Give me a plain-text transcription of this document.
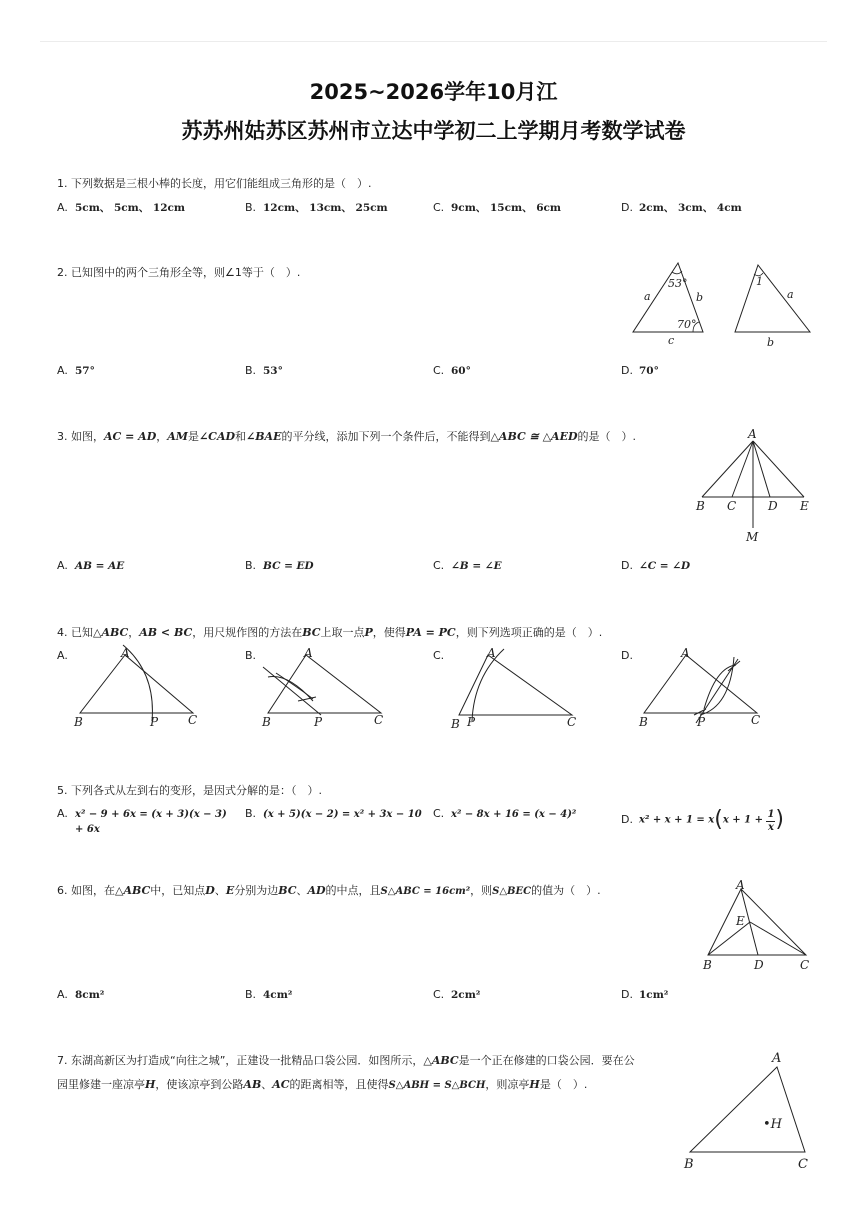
2025~2026学年10月江
苏苏州姑苏区苏州市立达中学初二上学期月考数学试卷
1. 下列数据是三根小棒的长度，用它们能组成三角形的是（　）.
A. 5cm、 5cm、 12cm	B. 12cm、 13cm、 25cm	C. 9cm、 15cm、 6cm	D. 2cm、 3cm、 4cm
2. 已知图中的两个三角形全等，则∠1等于（　）.
53°
70°
a	b
c
1
a
b
A. 57°	B. 53°	C. 60°	D. 70°
3. 如图，AC = AD，AM是∠CAD和∠BAE的平分线，添加下列一个条件后，不能得到△ABC ≅ △AED的是（　）.	A
B C	D E
M
A. AB = AE	B. BC = ED	C. ∠B = ∠E	D. ∠C = ∠D
4. 已知△ABC，AB < BC，用尺规作图的方法在BC上取一点P，使得PA = PC，则下列选项正确的是（　）.
A.	A
B	P C
B.	A
B	P	C
C.	A
B P	C
D.	A
B	P	C
5. 下列各式从左到右的变形，是因式分解的是：（　）.
A. x² − 9 + 6x = (x + 3)(x − 3)
+ 6x
B. (x + 5)(x − 2) = x² + 3x − 10 C. x² − 8x + 16 = (x − 4)²	D. $x^2 + x + 1 = x(x + 1 + \frac{1}{x}$ )
6. 如图，在△ABC中，已知点D、E分别为边BC、AD的中点，且S△ABC = 16cm²，则S△BEC的值为（　）.	A
E
B	D	C
A. 8cm²	B. 4cm²	C. 2cm²	D. 1cm²
7. 东湖高新区为打造成“向往之城”，正建设一批精品口袋公园．如图所示，△ABC是一个正在修建的口袋公园．要在公
园里修建一座凉亭H，使该凉亭到公路AB、AC的距离相等，且使得S△ABH = S△BCH，则凉亭H是（　）.
A
B	C
•H
